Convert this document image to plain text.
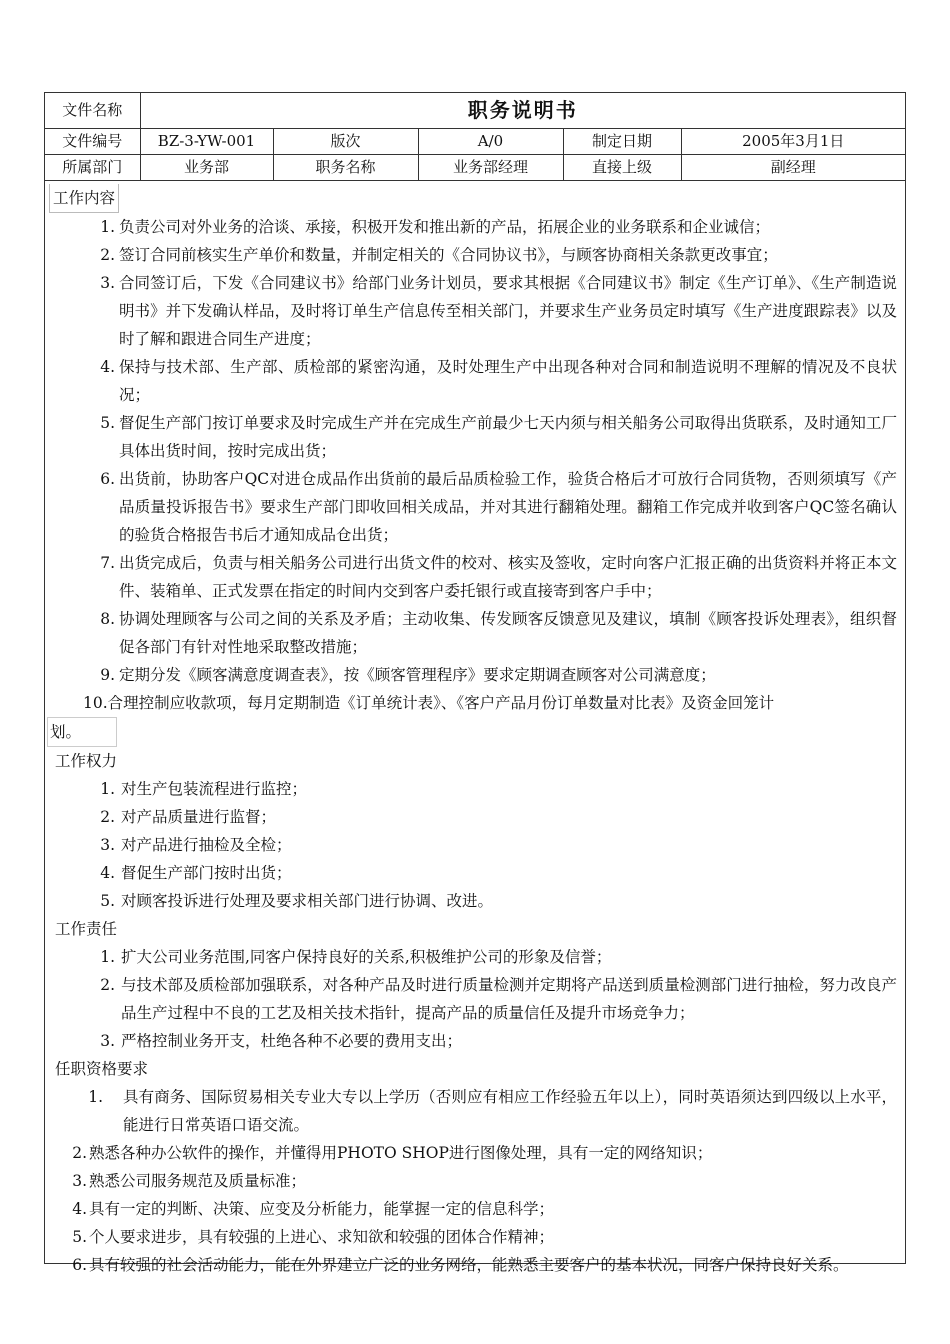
文件名称	职务说明书				
文件编号	BZ-3-YW-001	版次	A/0	制定日期	2005年3月1日
所属部门	业务部	职务名称	业务部经理	直接上级	副经理
工作内容
1. 负责公司对外业务的洽谈、承接，积极开发和推出新的产品，拓展企业的业务联系和企业诚信；
2. 签订合同前核实生产单价和数量，并制定相关的《合同协议书》，与顾客协商相关条款更改事宜；
3. 合同签订后，下发《合同建议书》给部门业务计划员，要求其根据《合同建议书》制定《生产订单》、《生产制造说明书》并下发确认样品，及时将订单生产信息传至相关部门，并要求生产业务员定时填写《生产进度跟踪表》以及时了解和跟进合同生产进度；
4. 保持与技术部、生产部、质检部的紧密沟通，及时处理生产中出现各种对合同和制造说明不理解的情况及不良状况；
5. 督促生产部门按订单要求及时完成生产并在完成生产前最少七天内须与相关船务公司取得出货联系，及时通知工厂具体出货时间，按时完成出货；
6. 出货前，协助客户QC对进仓成品作出货前的最后品质检验工作，验货合格后才可放行合同货物，否则须填写《产品质量投诉报告书》要求生产部门即收回相关成品，并对其进行翻箱处理。翻箱工作完成并收到客户QC签名确认的验货合格报告书后才通知成品仓出货；
7. 出货完成后，负责与相关船务公司进行出货文件的校对、核实及签收，定时向客户汇报正确的出货资料并将正本文件、装箱单、正式发票在指定的时间内交到客户委托银行或直接寄到客户手中；
8. 协调处理顾客与公司之间的关系及矛盾；主动收集、传发顾客反馈意见及建议，填制《顾客投诉处理表》，组织督促各部门有针对性地采取整改措施；
9. 定期分发《顾客满意度调查表》，按《顾客管理程序》要求定期调查顾客对公司满意度；
10.合理控制应收款项，每月定期制造《订单统计表》、《客户产品月份订单数量对比表》及资金回笼计
划。
工作权力
1. 对生产包装流程进行监控；
2. 对产品质量进行监督；
3. 对产品进行抽检及全检；
4. 督促生产部门按时出货；
5. 对顾客投诉进行处理及要求相关部门进行协调、改进。
工作责任
1. 扩大公司业务范围,同客户保持良好的关系,积极维护公司的形象及信誉；
2. 与技术部及质检部加强联系，对各种产品及时进行质量检测并定期将产品送到质量检测部门进行抽检，努力改良产品生产过程中不良的工艺及相关技术指针，提高产品的质量信任及提升市场竞争力；
3. 严格控制业务开支，杜绝各种不必要的费用支出；
任职资格要求
1. 具有商务、国际贸易相关专业大专以上学历（否则应有相应工作经验五年以上），同时英语须达到四级以上水平，能进行日常英语口语交流。
2. 熟悉各种办公软件的操作，并懂得用PHOTO SHOP进行图像处理，具有一定的网络知识；
3. 熟悉公司服务规范及质量标准；
4. 具有一定的判断、决策、应变及分析能力，能掌握一定的信息科学；
5. 个人要求进步，具有较强的上进心、求知欲和较强的团体合作精神；
6. 具有较强的社会活动能力，能在外界建立广泛的业务网络，能熟悉主要客户的基本状况，同客户保持良好关系。
